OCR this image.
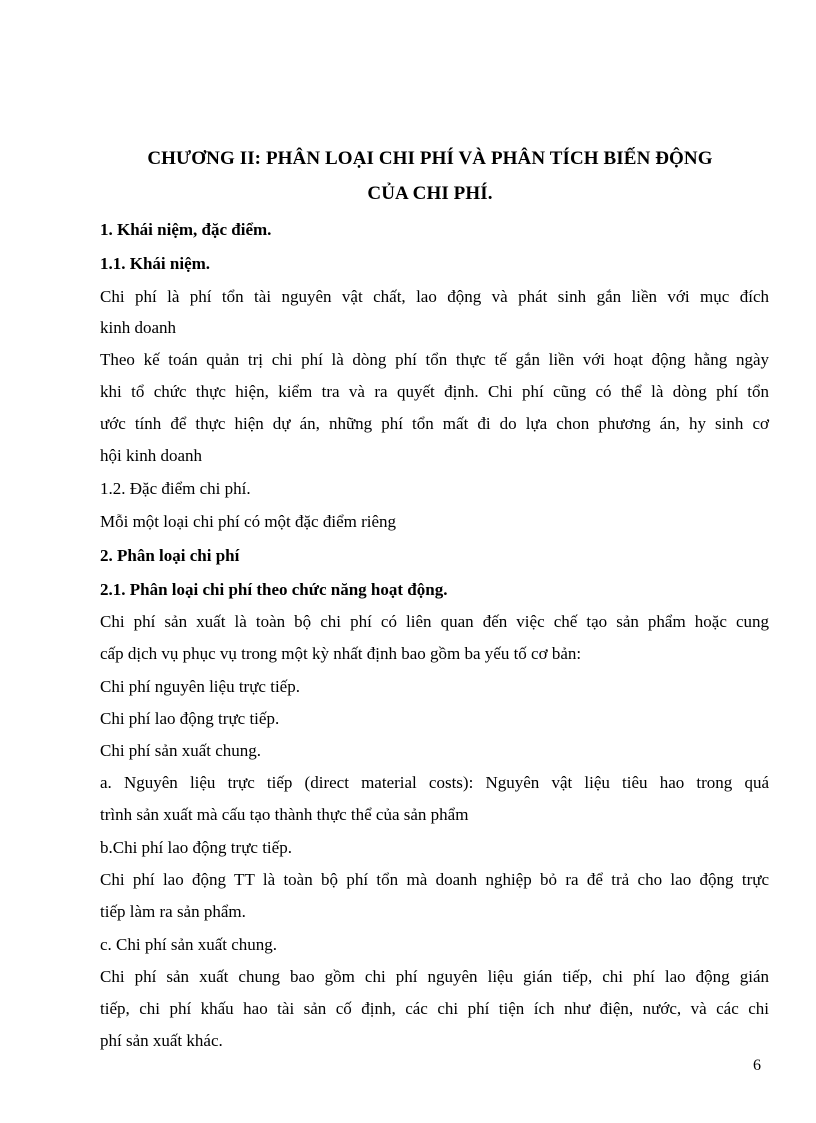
CHƯƠNG II: PHÂN LOẠI CHI PHÍ VÀ PHÂN TÍCH BIẾN ĐỘNG
CỦA CHI PHÍ.
1. Khái niệm, đặc điểm.
1.1. Khái niệm.
Chi phí là phí tổn tài nguyên vật chất, lao động và phát sinh gắn liền với mục đích
kinh doanh
Theo kế toán quản trị chi phí là dòng phí tổn thực tế gắn liền với hoạt động hằng ngày
khi tổ chức thực hiện, kiểm tra và ra quyết định. Chi phí cũng có thể là dòng phí tổn
ước tính để thực hiện dự án, những phí tổn mất đi do lựa chon phương án, hy sinh cơ
hội kinh doanh
1.2. Đặc điểm chi phí.
Mỗi một loại chi phí có một đặc điểm riêng
2. Phân loại chi phí
2.1. Phân loại chi phí theo chức năng hoạt động.
Chi phí sản xuất là toàn bộ chi phí có liên quan đến việc chế tạo sản phẩm hoặc cung
cấp dịch vụ phục vụ trong một kỳ nhất định bao gồm ba yếu tố cơ bản:
Chi phí nguyên liệu trực tiếp.
Chi phí lao động trực tiếp.
Chi phí sản xuất chung.
a. Nguyên liệu trực tiếp (direct material costs): Nguyên vật liệu tiêu hao trong quá
trình sản xuất mà cấu tạo thành thực thể của sản phẩm
b.Chi phí lao động trực tiếp.
Chi phí lao động TT là toàn bộ phí tổn mà doanh nghiệp bỏ ra để trả cho lao động trực
tiếp làm ra sản phẩm.
c. Chi phí sản xuất chung.
Chi phí sản xuất chung bao gồm chi phí nguyên liệu gián tiếp, chi phí lao động gián
tiếp, chi phí khấu hao tài sản cố định, các chi phí tiện ích như điện, nước, và các chi
phí sản xuất khác.
6
